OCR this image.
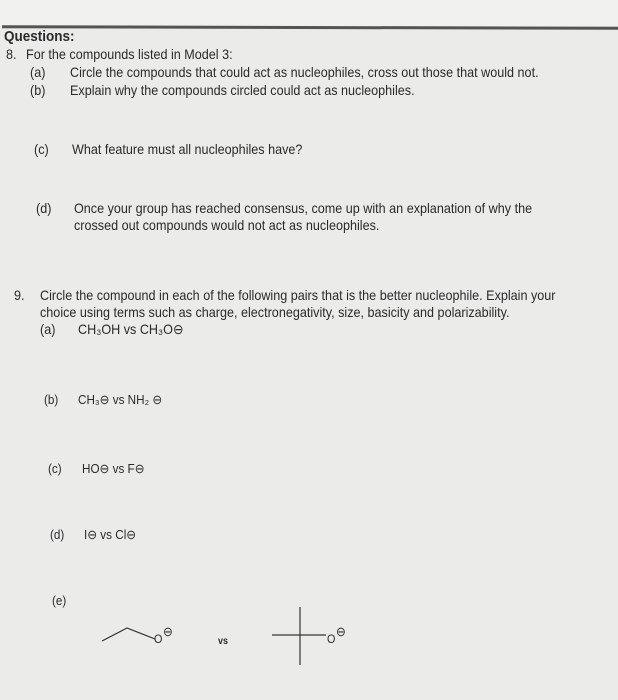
Questions:
8. For the compounds listed in Model 3:
(a) Circle the compounds that could act as nucleophiles, cross out those that would not.
(b) Explain why the compounds circled could act as nucleophiles.
(c) What feature must all nucleophiles have?
(d) Once your group has reached consensus, come up with an explanation of why the
crossed out compounds would not act as nucleophiles.
9. Circle the compound in each of the following pairs that is the better nucleophile. Explain your
choice using terms such as charge, electronegativity, size, basicity and polarizability.
(a) CH₃OH vs CH₃O⊖
(b) CH₃⊖ vs NH₂ ⊖
(c) HO⊖ vs F⊖
(d) I⊖ vs Cl⊖
(e)
O ⊖
vs	O ⊖
